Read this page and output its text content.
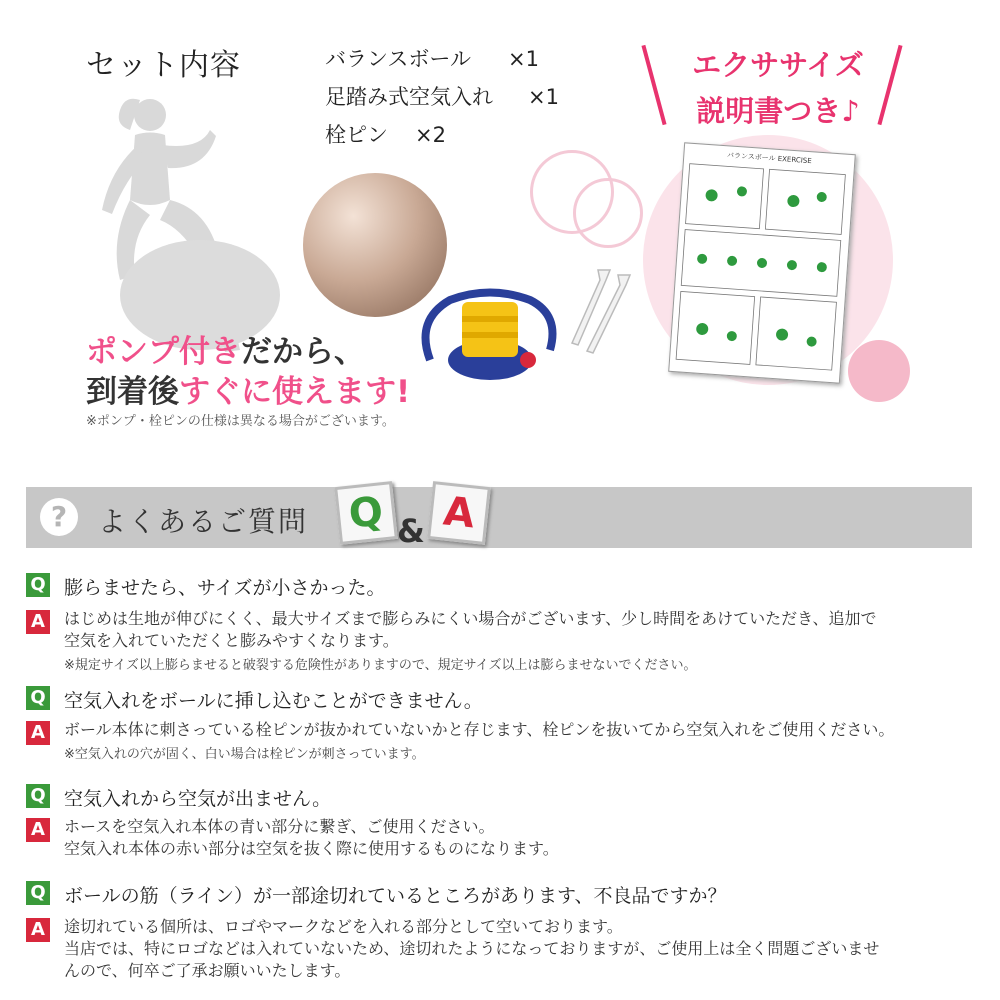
セット内容	バランスボール ×1
足踏み式空気入れ ×1
栓ピン ×2
エクササイズ
説明書つき♪
バランスボール EXERCISE
ポンプ付きだから、
到着後すぐに使えます!
※ポンプ・栓ピンの仕様は異なる場合がございます。
?	よくあるご質問 Q & A
Q 膨らませたら、サイズが小さかった。
A	はじめは生地が伸びにくく、最大サイズまで膨らみにくい場合がございます、少し時間をあけていただき、追加で
空気を入れていただくと膨みやすくなります。
※規定サイズ以上膨らませると破裂する危険性がありますので、規定サイズ以上は膨らませないでください。
Q 空気入れをボールに挿し込むことができません。
A	ボール本体に刺さっている栓ピンが抜かれていないかと存じます、栓ピンを抜いてから空気入れをご使用ください。
※空気入れの穴が固く、白い場合は栓ピンが刺さっています。
Q 空気入れから空気が出ません。
A	ホースを空気入れ本体の青い部分に繋ぎ、ご使用ください。
空気入れ本体の赤い部分は空気を抜く際に使用するものになります。
Q ボールの筋（ライン）が一部途切れているところがあります、不良品ですか？
A	途切れている個所は、ロゴやマークなどを入れる部分として空いております。
当店では、特にロゴなどは入れていないため、途切れたようになっておりますが、ご使用上は全く問題ございませ
んので、何卒ご了承お願いいたします。
